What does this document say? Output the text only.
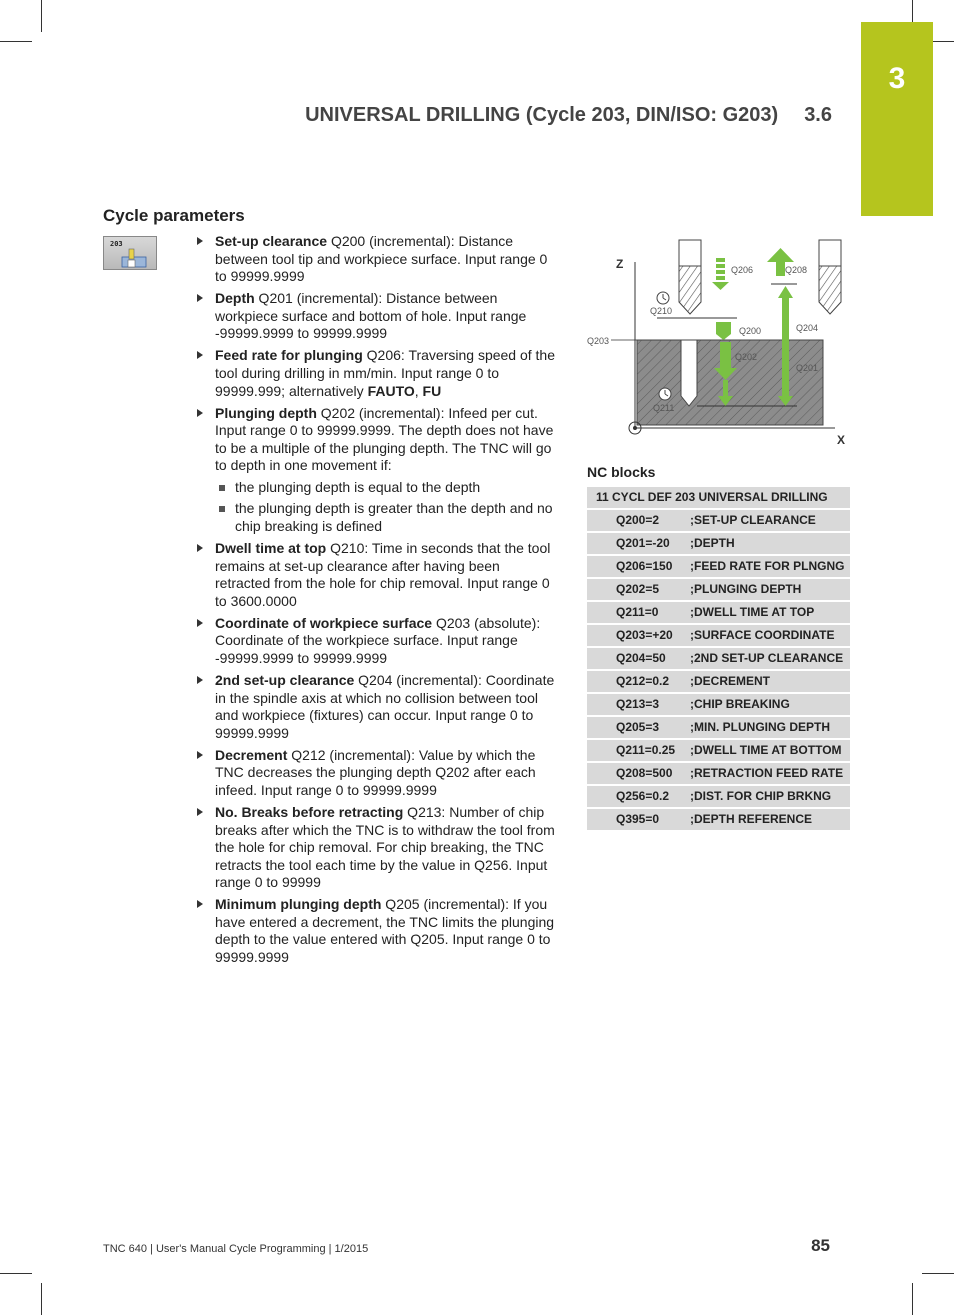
3
UNIVERSAL DRILLING (Cycle 203, DIN/ISO: G203) 3.6
Cycle parameters
203	Set-up clearance Q200 (incremental): Distance between tool tip and workpiece surface. Input range 0 to 99999.9999
Depth Q201 (incremental): Distance between workpiece surface and bottom of hole. Input range -99999.9999 to 99999.9999
Feed rate for plunging Q206: Traversing speed of the tool during drilling in mm/min. Input range 0 to 99999.999; alternatively FAUTO, FU
Plunging depth Q202 (incremental): Infeed per cut. Input range 0 to 99999.9999. The depth does not have to be a multiple of the plunging depth. The TNC will go to depth in one movement if:
the plunging depth is equal to the depth
the plunging depth is greater than the depth and no chip breaking is defined
Dwell time at top Q210: Time in seconds that the tool remains at set-up clearance after having been retracted from the hole for chip removal. Input range 0 to 3600.0000
Coordinate of workpiece surface Q203 (absolute): Coordinate of the workpiece surface. Input range -99999.9999 to 99999.9999
2nd set-up clearance Q204 (incremental): Coordinate in the spindle axis at which no collision between tool and workpiece (fixtures) can occur. Input range 0 to 99999.9999
Decrement Q212 (incremental): Value by which the TNC decreases the plunging depth Q202 after each infeed. Input range 0 to 99999.9999
No. Breaks before retracting Q213: Number of chip breaks after which the TNC is to withdraw the tool from the hole for chip removal. For chip breaking, the TNC retracts the tool each time by the value in Q256. Input range 0 to 99999
Minimum plunging depth Q205 (incremental): If you have entered a decrement, the TNC limits the plunging depth to the value entered with Q205. Input range 0 to 99999.9999
Z
X
Q206	Q208
Q210
Q200	Q204
Q203
Q202
Q201
Q211
NC blocks
11 CYCL DEF 203 UNIVERSAL DRILLING	
Q200=2	;SET-UP CLEARANCE
Q201=-20	;DEPTH
Q206=150	;FEED RATE FOR PLNGNG
Q202=5	;PLUNGING DEPTH
Q211=0	;DWELL TIME AT TOP
Q203=+20	;SURFACE COORDINATE
Q204=50	;2ND SET-UP CLEARANCE
Q212=0.2	;DECREMENT
Q213=3	;CHIP BREAKING
Q205=3	;MIN. PLUNGING DEPTH
Q211=0.25	;DWELL TIME AT BOTTOM
Q208=500	;RETRACTION FEED RATE
Q256=0.2	;DIST. FOR CHIP BRKNG
Q395=0	;DEPTH REFERENCE
TNC 640 | User's Manual Cycle Programming | 1/2015	85
